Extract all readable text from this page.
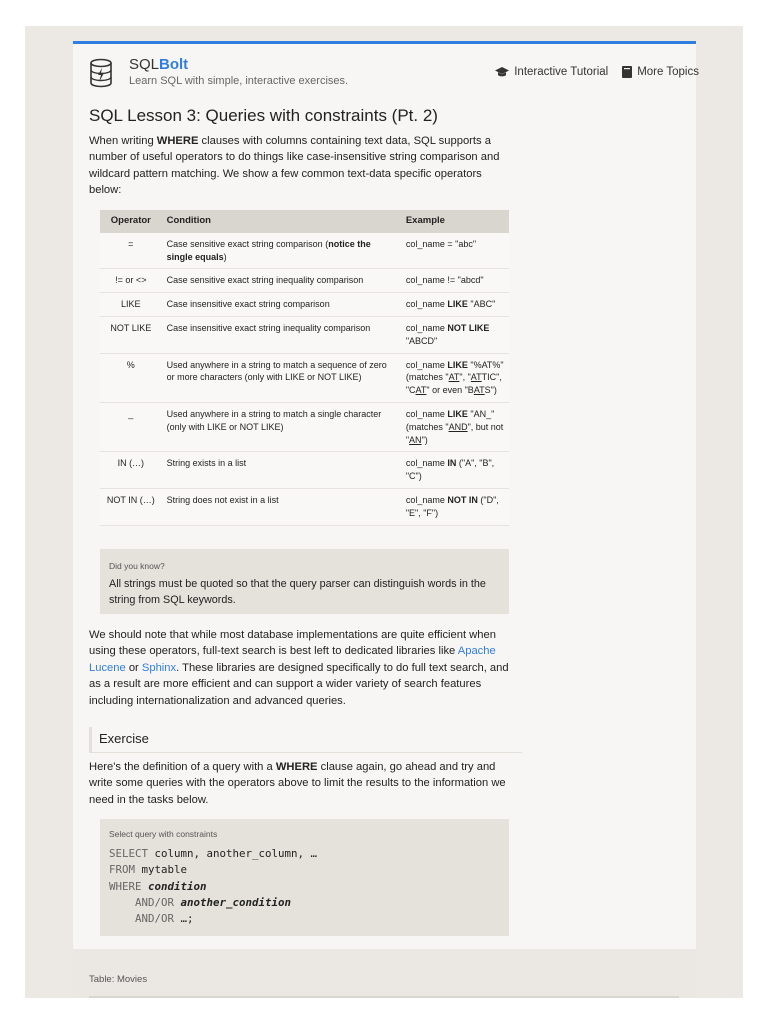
SQLBolt
Learn SQL with simple, interactive exercises.
Interactive Tutorial	More Topics
SQL Lesson 3: Queries with constraints (Pt. 2)
When writing WHERE clauses with columns containing text data, SQL supports a number of useful operators to do things like case-insensitive string comparison and wildcard pattern matching. We show a few common text-data specific operators below:
Operator	Condition	Example
=	Case sensitive exact string comparison (notice the single equals)	col_name = "abc"
!= or <>	Case sensitive exact string inequality comparison	col_name != "abcd"
LIKE	Case insensitive exact string comparison	col_name LIKE "ABC"
NOT LIKE	Case insensitive exact string inequality comparison	col_name NOT LIKE "ABCD"
%	Used anywhere in a string to match a sequence of zero or more characters (only with LIKE or NOT LIKE)	col_name LIKE "%AT%" (matches "AT", "ATTIC", "CAT" or even "BATS")
_	Used anywhere in a string to match a single character (only with LIKE or NOT LIKE)	col_name LIKE "AN_" (matches "AND", but not "AN")
IN (…)	String exists in a list	col_name IN ("A", "B", "C")
NOT IN (…)	String does not exist in a list	col_name NOT IN ("D", "E", "F")
Did you know?
All strings must be quoted so that the query parser can distinguish words in the string from SQL keywords.
We should note that while most database implementations are quite efficient when using these operators, full-text search is best left to dedicated libraries like Apache Lucene or Sphinx. These libraries are designed specifically to do full text search, and as a result are more efficient and can support a wider variety of search features including internationalization and advanced queries.
Exercise
Here's the definition of a query with a WHERE clause again, go ahead and try and write some queries with the operators above to limit the results to the information we need in the tasks below.
Select query with constraints
SELECT column, another_column, …
FROM mytable
WHERE condition
AND/OR another_condition
AND/OR …;
Table: Movies
